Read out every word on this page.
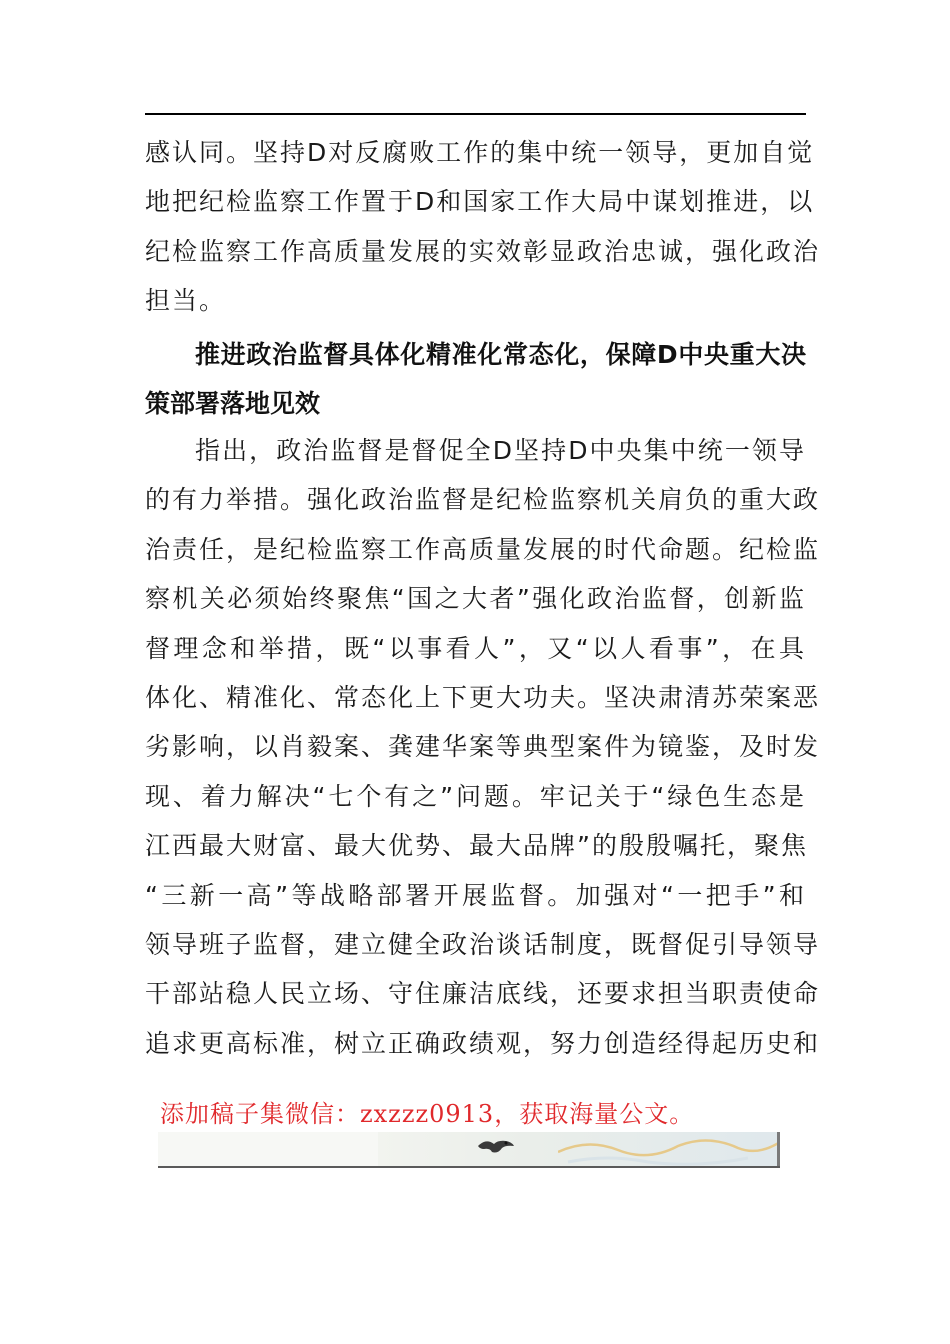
感认同。坚持D对反腐败工作的集中统一领导，更加自觉
地把纪检监察工作置于D和国家工作大局中谋划推进，以
纪检监察工作高质量发展的实效彰显政治忠诚，强化政治
担当。
推进政治监督具体化精准化常态化，保障D中央重大决
策部署落地见效
指出，政治监督是督促全D坚持D中央集中统一领导
的有力举措。强化政治监督是纪检监察机关肩负的重大政
治责任，是纪检监察工作高质量发展的时代命题。纪检监
察机关必须始终聚焦“国之大者”强化政治监督，创新监
督理念和举措，既“以事看人”，又“以人看事”，在具
体化、精准化、常态化上下更大功夫。坚决肃清苏荣案恶
劣影响，以肖毅案、龚建华案等典型案件为镜鉴，及时发
现、着力解决“七个有之”问题。牢记关于“绿色生态是
江西最大财富、最大优势、最大品牌”的殷殷嘱托，聚焦
“三新一高”等战略部署开展监督。加强对“一把手”和
领导班子监督，建立健全政治谈话制度，既督促引导领导
干部站稳人民立场、守住廉洁底线，还要求担当职责使命
追求更高标准，树立正确政绩观，努力创造经得起历史和
添加稿子集微信：zxzzz0913，获取海量公文。
